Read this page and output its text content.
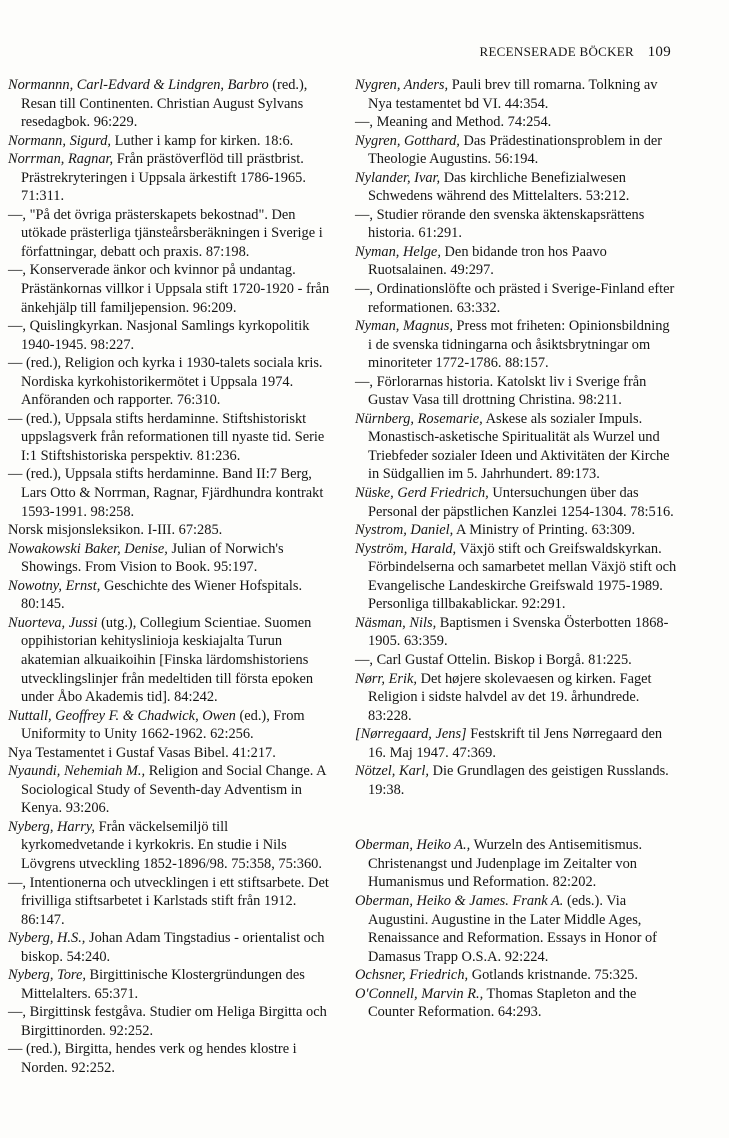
RECENSERADE BÖCKER 109
Normannn, Carl-Edvard & Lindgren, Barbro (red.), Resan till Continenten. Christian August Sylvans resedagbok. 96:229.
Normann, Sigurd, Luther i kamp for kirken. 18:6.
Norrman, Ragnar, Från prästöverflöd till prästbrist. Prästrekryteringen i Uppsala ärkestift 1786-1965. 71:311.
—, "På det övriga prästerskapets bekostnad". Den utökade prästerliga tjänsteårsberäkningen i Sverige i författningar, debatt och praxis. 87:198.
—, Konserverade änkor och kvinnor på undantag. Prästänkornas villkor i Uppsala stift 1720-1920 - från änkehjälp till familjepension. 96:209.
—, Quislingkyrkan. Nasjonal Samlings kyrkopolitik 1940-1945. 98:227.
— (red.), Religion och kyrka i 1930-talets sociala kris. Nordiska kyrkohistorikermötet i Uppsala 1974. Anföranden och rapporter. 76:310.
— (red.), Uppsala stifts herdaminne. Stiftshistoriskt uppslagsverk från reformationen till nyaste tid. Serie I:1 Stiftshistoriska perspektiv. 81:236.
— (red.), Uppsala stifts herdaminne. Band II:7 Berg, Lars Otto & Norrman, Ragnar, Fjärdhundra kontrakt 1593-1991. 98:258.
Norsk misjonsleksikon. I-III. 67:285.
Nowakowski Baker, Denise, Julian of Norwich's Showings. From Vision to Book. 95:197.
Nowotny, Ernst, Geschichte des Wiener Hofspitals. 80:145.
Nuorteva, Jussi (utg.), Collegium Scientiae. Suomen oppihistorian kehitysliniojа keskiajalta Turun akatemian alkuaikoihin [Finska lärdomshistoriens utvecklingslinjer från medeltiden till första epoken under Åbo Akademis tid]. 84:242.
Nuttall, Geoffrey F. & Chadwick, Owen (ed.), From Uniformity to Unity 1662-1962. 62:256.
Nya Testamentet i Gustaf Vasas Bibel. 41:217.
Nyaundi, Nehemiah M., Religion and Social Change. A Sociological Study of Seventh-day Adventism in Kenya. 93:206.
Nyberg, Harry, Från väckelsemiljö till kyrkomedvetande i kyrkokris. En studie i Nils Lövgrens utveckling 1852-1896/98. 75:358, 75:360.
—, Intentionerna och utvecklingen i ett stiftsarbete. Det frivilliga stiftsarbetet i Karlstads stift från 1912. 86:147.
Nyberg, H.S., Johan Adam Tingstadius - orientalist och biskop. 54:240.
Nyberg, Tore, Birgittinische Klostergründungen des Mittelalters. 65:371.
—, Birgittinsk festgåva. Studier om Heliga Birgitta och Birgittinorden. 92:252.
— (red.), Birgitta, hendes verk og hendes klostre i Norden. 92:252.
Nygren, Anders, Pauli brev till romarna. Tolkning av Nya testamentet bd VI. 44:354.
—, Meaning and Method. 74:254.
Nygren, Gotthard, Das Prädestinationsproblem in der Theologie Augustins. 56:194.
Nylander, Ivar, Das kirchliche Benefizialwesen Schwedens während des Mittelalters. 53:212.
—, Studier rörande den svenska äktenskapsrättens historia. 61:291.
Nyman, Helge, Den bidande tron hos Paavo Ruotsalainen. 49:297.
—, Ordinationslöfte och prästed i Sverige-Finland efter reformationen. 63:332.
Nyman, Magnus, Press mot friheten: Opinionsbildning i de svenska tidningarna och åsiktsbrytningar om minoriteter 1772-1786. 88:157.
—, Förlorarnas historia. Katolskt liv i Sverige från Gustav Vasa till drottning Christina. 98:211.
Nürnberg, Rosemarie, Askese als sozialer Impuls. Monastisch-asketische Spiritualität als Wurzel und Triebfeder sozialer Ideen und Aktivitäten der Kirche in Südgallien im 5. Jahrhundert. 89:173.
Nüske, Gerd Friedrich, Untersuchungen über das Personal der päpstlichen Kanzlei 1254-1304. 78:516.
Nystrom, Daniel, A Ministry of Printing. 63:309.
Nyström, Harald, Växjö stift och Greifswaldskyrkan. Förbindelserna och samarbetet mellan Växjö stift och Evangelische Landeskirche Greifswald 1975-1989. Personliga tillbakablickar. 92:291.
Näsman, Nils, Baptismen i Svenska Österbotten 1868-1905. 63:359.
—, Carl Gustaf Ottelin. Biskop i Borgå. 81:225.
Nørr, Erik, Det højere skolevaesen og kirken. Faget Religion i sidste halvdel av det 19. århundrede. 83:228.
[Nørregaard, Jens] Festskrift til Jens Nørregaard den 16. Maj 1947. 47:369.
Nötzel, Karl, Die Grundlagen des geistigen Russlands. 19:38.
Oberman, Heiko A., Wurzeln des Antisemitismus. Christenangst und Judenplage im Zeitalter von Humanismus und Reformation. 82:202.
Oberman, Heiko & James. Frank A. (eds.). Via Augustini. Augustine in the Later Middle Ages, Renaissance and Reformation. Essays in Honor of Damasus Trapp O.S.A. 92:224.
Ochsner, Friedrich, Gotlands kristnande. 75:325.
O'Connell, Marvin R., Thomas Stapleton and the Counter Reformation. 64:293.
